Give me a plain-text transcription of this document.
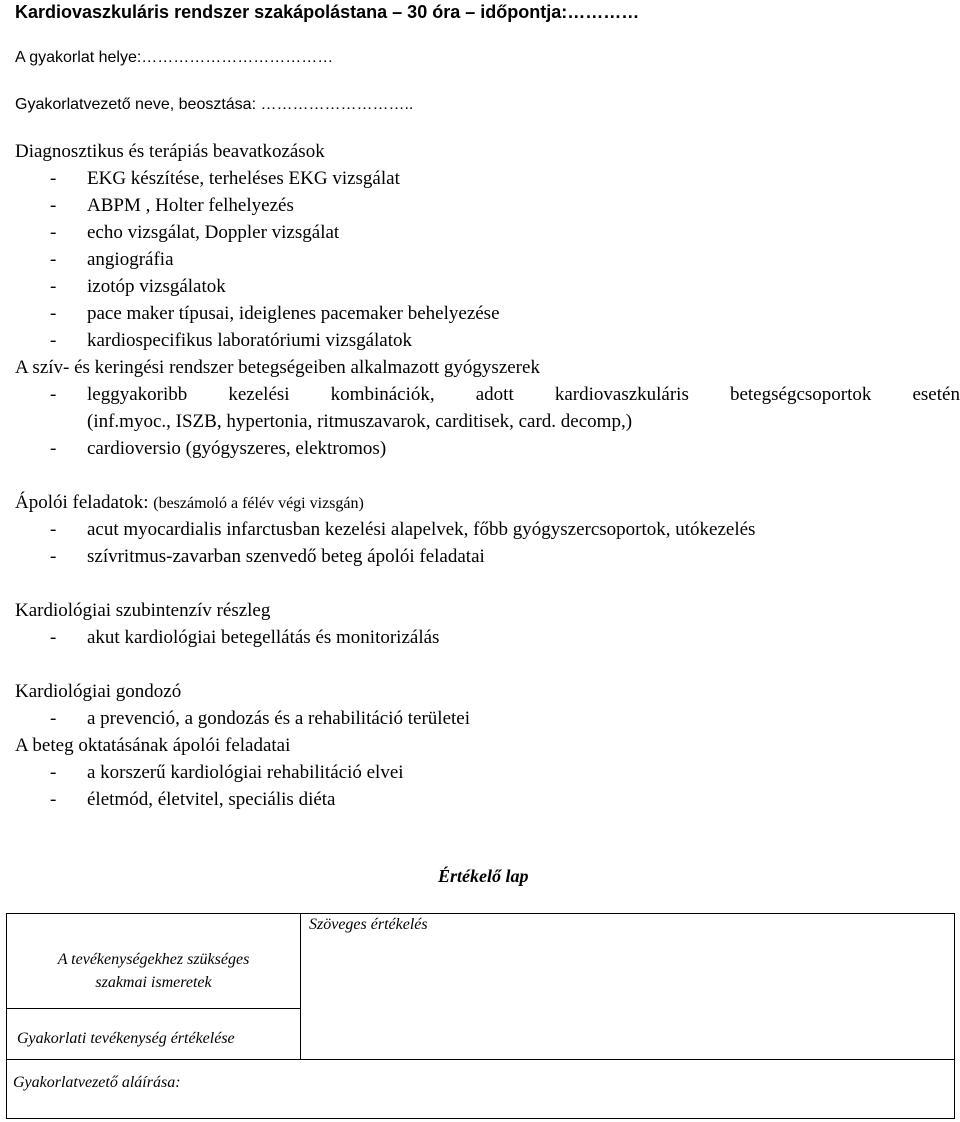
Kardiovaszkuláris rendszer szakápolástana – 30 óra – időpontja:…………
A gyakorlat helye:………………………………
Gyakorlatvezető neve, beosztása: ………………………..
Diagnosztikus és terápiás beavatkozások
- EKG készítése, terheléses EKG vizsgálat
- ABPM , Holter felhelyezés
- echo vizsgálat, Doppler vizsgálat
- angiográfia
- izotóp vizsgálatok
- pace maker típusai, ideiglenes pacemaker behelyezése
- kardiospecifikus laboratóriumi vizsgálatok
A szív- és keringési rendszer betegségeiben alkalmazott gyógyszerek
- leggyakoribb kezelési kombinációk, adott kardiovaszkuláris betegségcsoportok esetén
(inf.myoc., ISZB, hypertonia, ritmuszavarok, carditisek, card. decomp,)
- cardioversio (gyógyszeres, elektromos)
Ápolói feladatok: (beszámoló a félév végi vizsgán)
- acut myocardialis infarctusban kezelési alapelvek, főbb gyógyszercsoportok, utókezelés
- szívritmus-zavarban szenvedő beteg ápolói feladatai
Kardiológiai szubintenzív részleg
- akut kardiológiai betegellátás és monitorizálás
Kardiológiai gondozó
- a prevenció, a gondozás és a rehabilitáció területei
A beteg oktatásának ápolói feladatai
- a korszerű kardiológiai rehabilitáció elvei
- életmód, életvitel, speciális diéta
Értékelő lap
Szöveges értékelés
A tevékenységekhez szükséges
szakmai ismeretek
Gyakorlati tevékenység értékelése
Gyakorlatvezető aláírása:
